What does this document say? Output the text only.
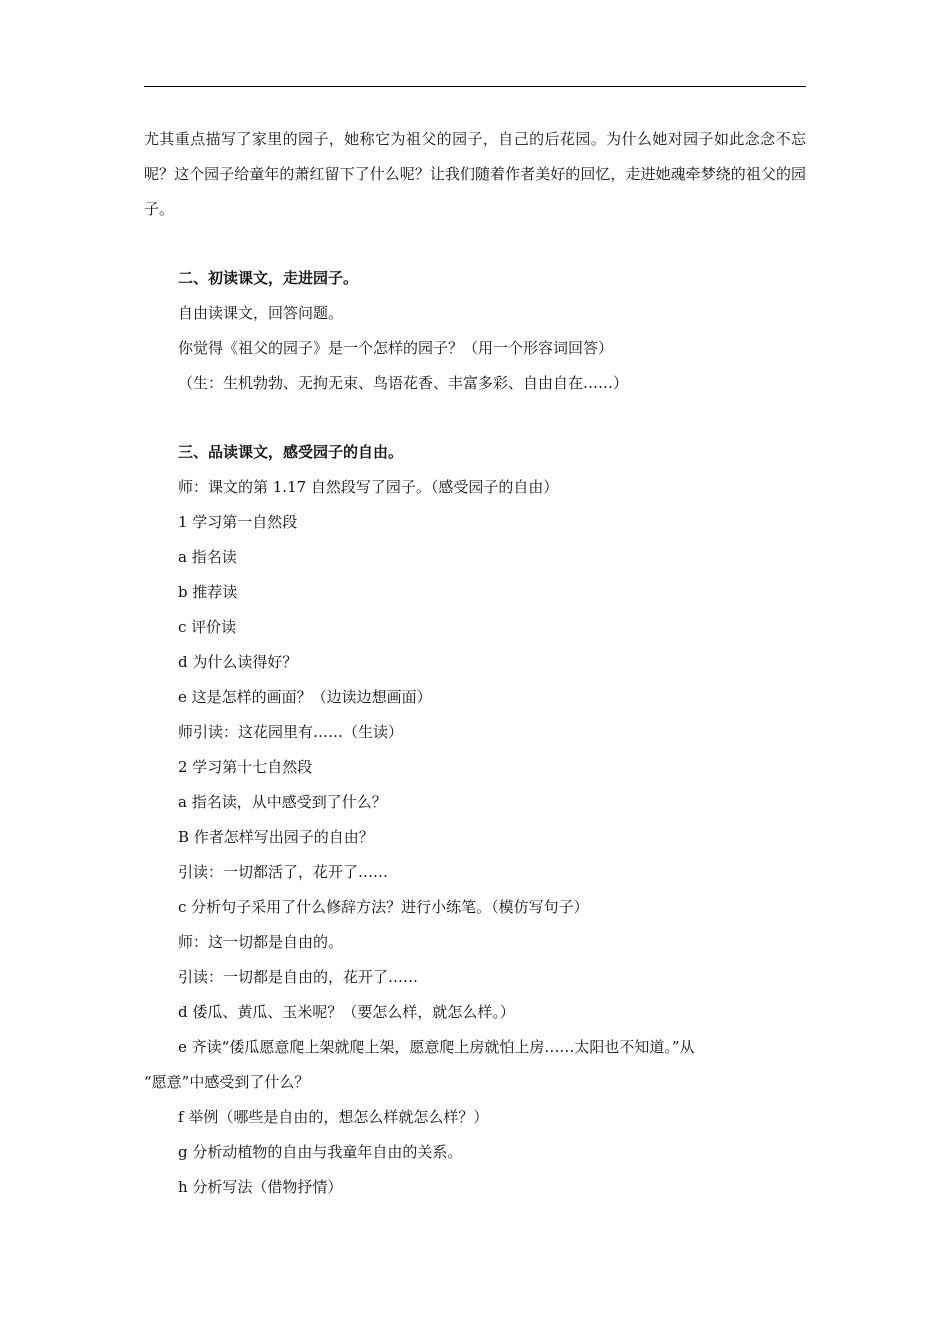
尤其重点描写了家里的园子，她称它为祖父的园子，自己的后花园。为什么她对园子如此念念不忘呢？这个园子给童年的萧红留下了什么呢？让我们随着作者美好的回忆，走进她魂牵梦绕的祖父的园子。

二、初读课文，走进园子。

自由读课文，回答问题。

你觉得《祖父的园子》是一个怎样的园子？（用一个形容词回答）

（生：生机勃勃、无拘无束、鸟语花香、丰富多彩、自由自在……）

三、品读课文，感受园子的自由。

师：课文的第 1.17 自然段写了园子。（感受园子的自由）

1 学习第一自然段

a 指名读

b 推荐读

c 评价读

d 为什么读得好？

e 这是怎样的画面？（边读边想画面）

师引读：这花园里有……（生读）

2 学习第十七自然段

a 指名读，从中感受到了什么？

B 作者怎样写出园子的自由？

引读：一切都活了，花开了……

c 分析句子采用了什么修辞方法？进行小练笔。（模仿写句子）

师：这一切都是自由的。

引读：一切都是自由的，花开了……

d 倭瓜、黄瓜、玉米呢？（要怎么样，就怎么样。）

e 齐读“倭瓜愿意爬上架就爬上架，愿意爬上房就怕上房……太阳也不知道。”从

“愿意”中感受到了什么？

f 举例（哪些是自由的，想怎么样就怎么样？）

g 分析动植物的自由与我童年自由的关系。

h 分析写法（借物抒情）
